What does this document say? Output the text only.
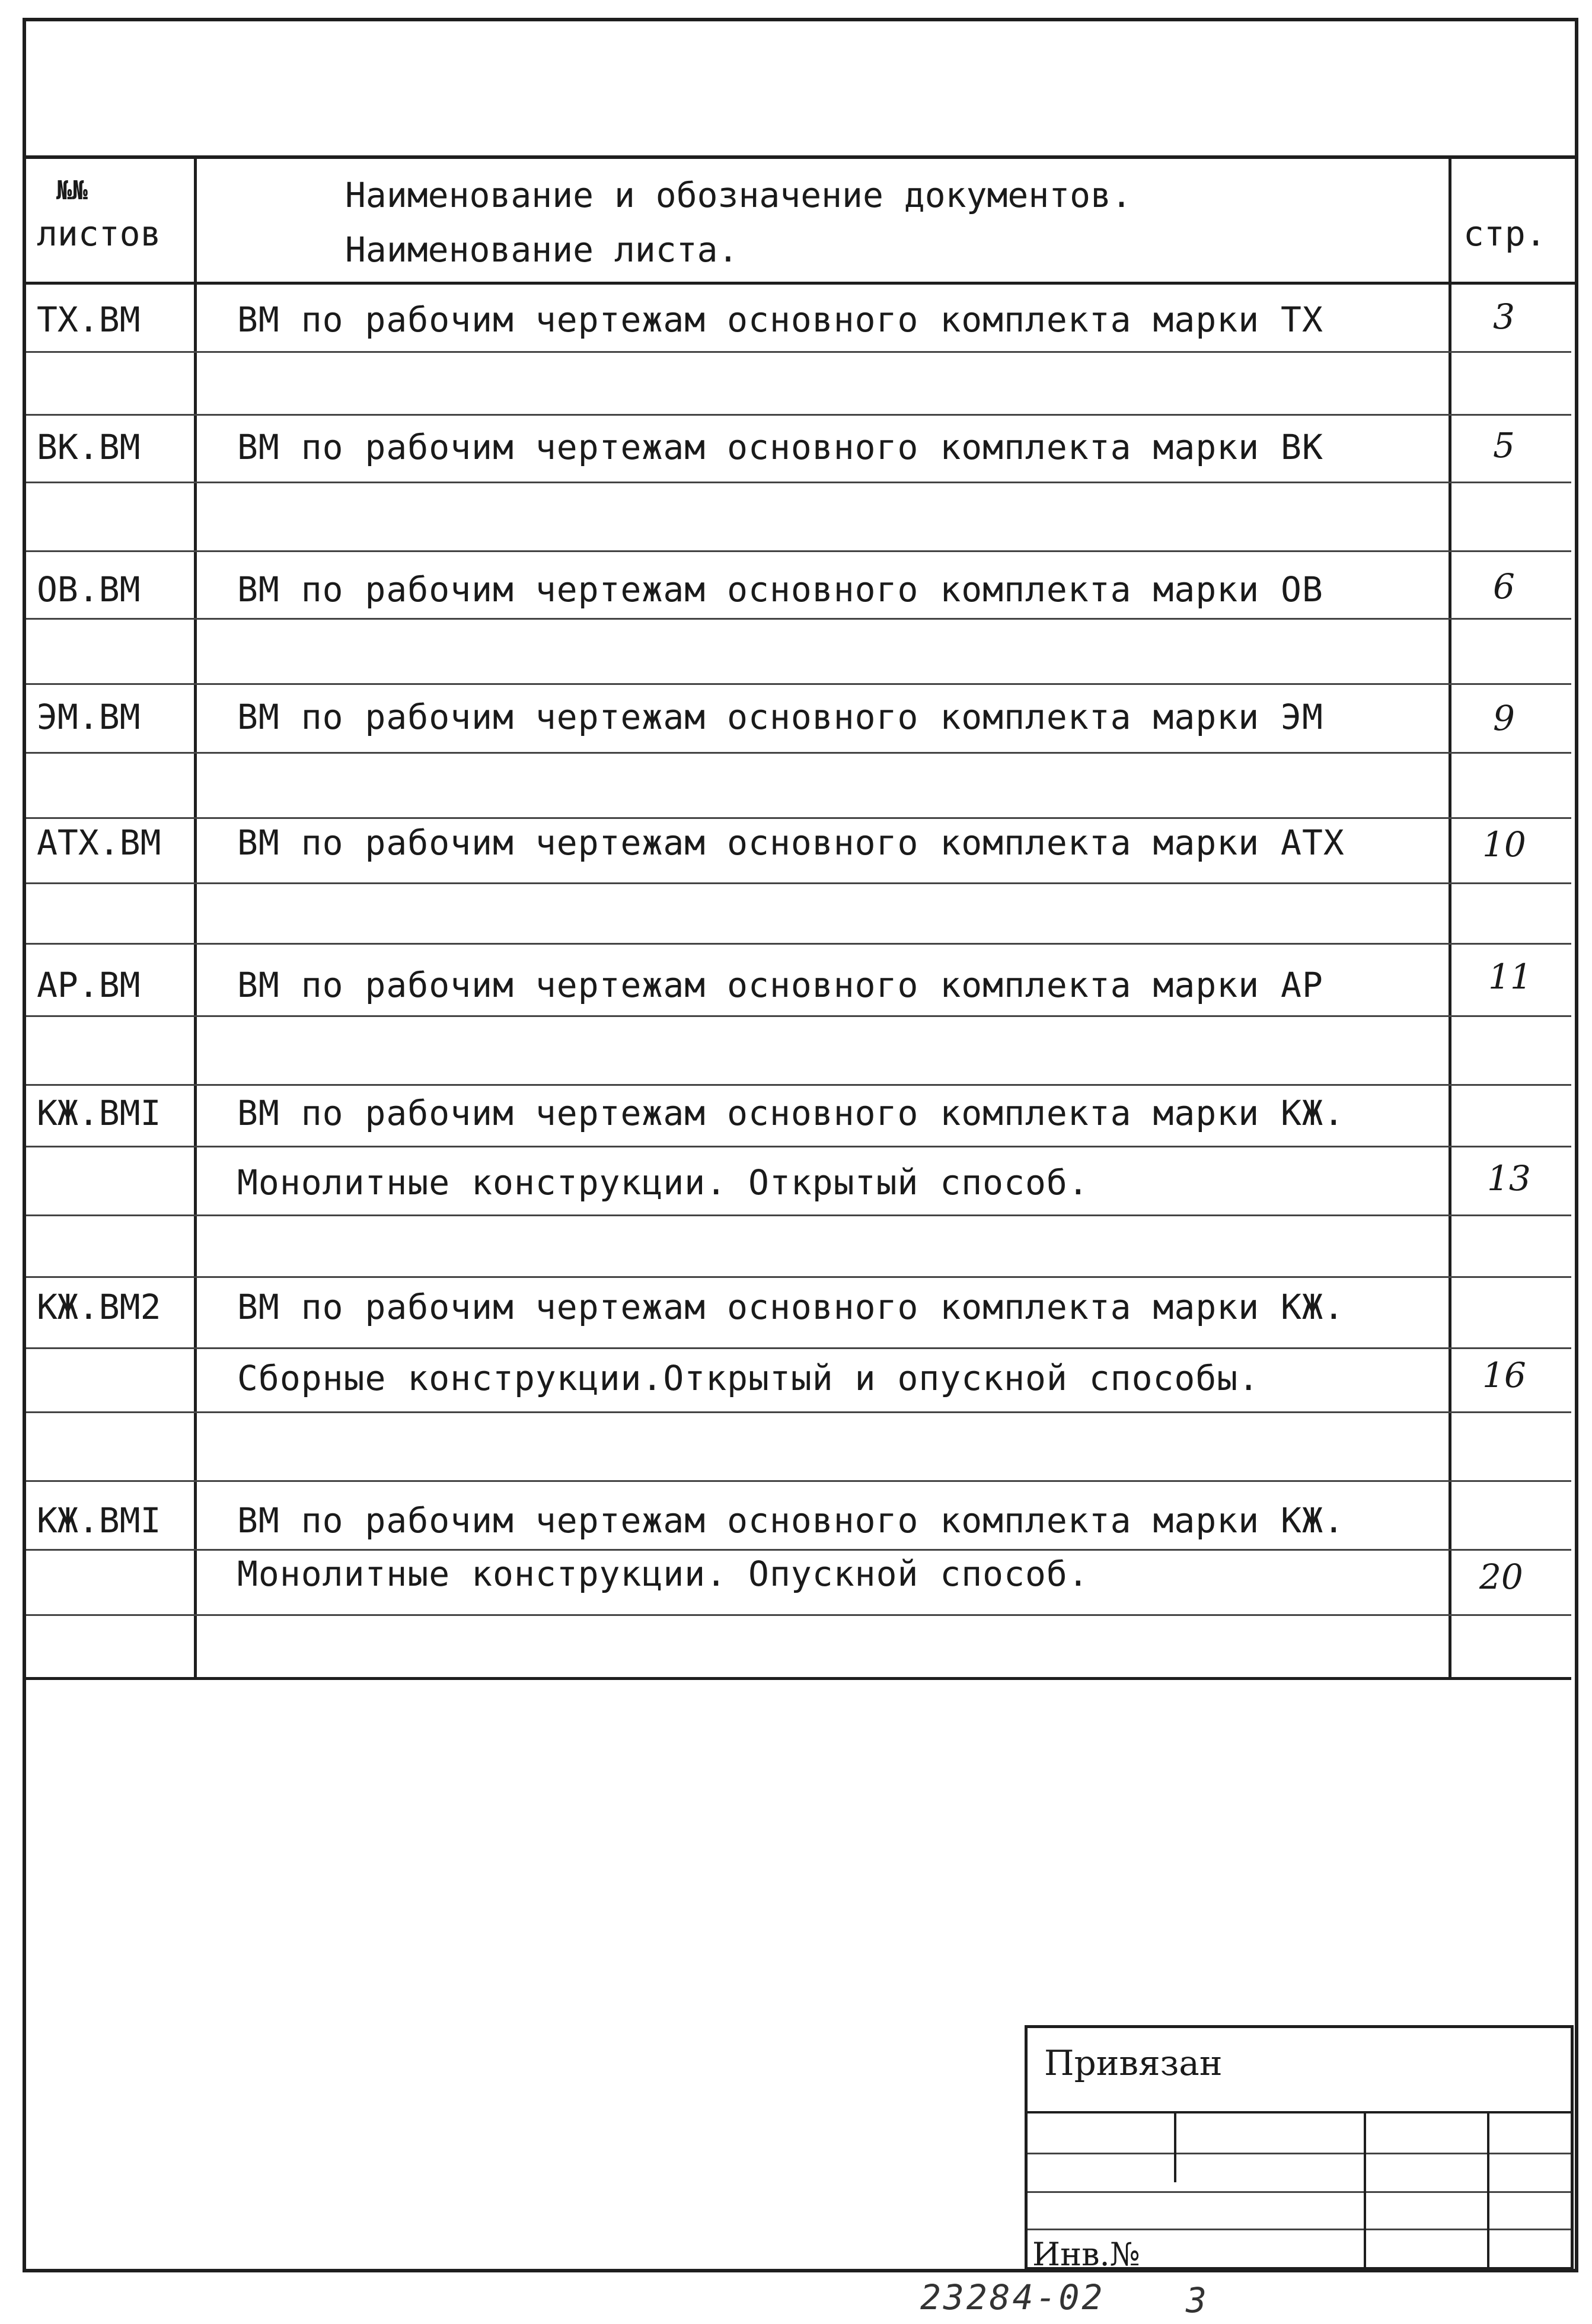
№№
листов
Наименование и обозначение документов.
Наименование листа.	стр.
ТХ.ВМ	ВМ по рабочим чертежам основного комплекта марки ТХ	3
ВК.ВМ	ВМ по рабочим чертежам основного комплекта марки ВК	5
ОВ.ВМ	ВМ по рабочим чертежам основного комплекта марки ОВ	6
ЭМ.ВМ	ВМ по рабочим чертежам основного комплекта марки ЭМ	9
АТХ.ВМ ВМ по рабочим чертежам основного комплекта марки АТХ	10
АР.ВМ	ВМ по рабочим чертежам основного комплекта марки АР	11
КЖ.ВМI ВМ по рабочим чертежам основного комплекта марки КЖ.
Монолитные конструкции. Открытый способ.	13
КЖ.ВМ2 ВМ по рабочим чертежам основного комплекта марки КЖ.
Сборные конструкции.Открытый и опускной способы.	16
КЖ.ВМI ВМ по рабочим чертежам основного комплекта марки КЖ.
Монолитные конструкции. Опускной способ.	20
Привязан
Инв.№
23284-02 3
